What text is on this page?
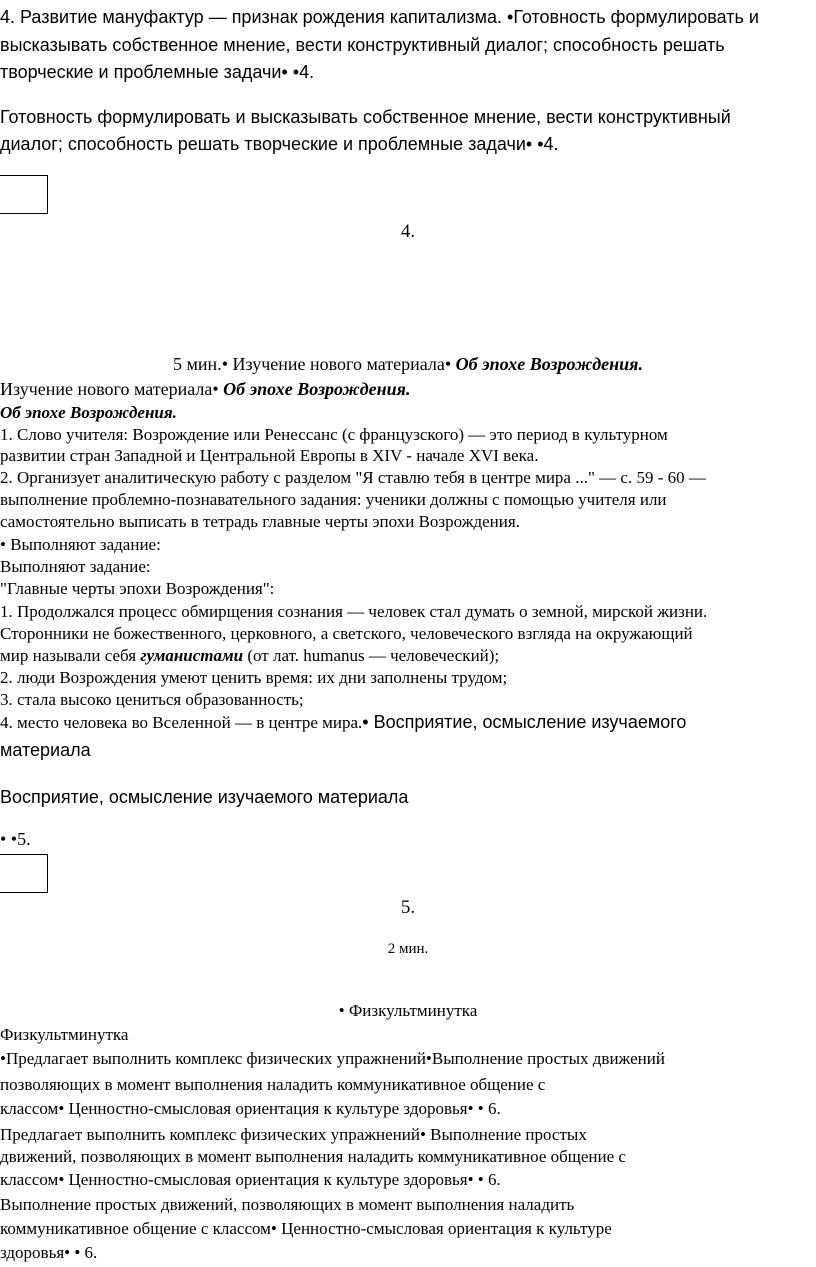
4. Развитие мануфактур — признак рождения капитализма. •Готовность формулировать и
высказывать собственное мнение, вести конструктивный диалог; способность решать
творческие и проблемные задачи• •4.
Готовность формулировать и высказывать собственное мнение, вести конструктивный
диалог; способность решать творческие и проблемные задачи• •4.
4.
5 мин.• Изучение нового материала• Об эпохе Возрождения.
Изучение нового материала• Об эпохе Возрождения.
Об эпохе Возрождения.
1. Слово учителя: Возрождение или Ренессанс (с французского) — это период в культурном
развитии стран Западной и Центральной Европы в XIV - начале XVI века.
2. Организует аналитическую работу с разделом "Я ставлю тебя в центре мира ..." — с. 59 - 60 —
выполнение проблемно-познавательного задания: ученики должны с помощью учителя или
самостоятельно выписать в тетрадь главные черты эпохи Возрождения.
• Выполняют задание:
Выполняют задание:
"Главные черты эпохи Возрождения":
1. Продолжался процесс обмирщения сознания — человек стал думать о земной, мирской жизни.
Сторонники не божественного, церковного, а светского, человеческого взгляда на окружающий
мир называли себя гуманистами (от лат. humanus — человеческий);
2. люди Возрождения умеют ценить время: их дни заполнены трудом;
3. стала высоко цениться образованность;
4. место человека во Вселенной — в центре мира.• Восприятие, осмысление изучаемого
материала
Восприятие, осмысление изучаемого материала
• •5.
5.
2 мин.
• Физкультминутка
Физкультминутка
•Предлагает выполнить комплекс физических упражнений•Выполнение простых движений
позволяющих в момент выполнения наладить коммуникативное общение с
классом• Ценностно-смысловая ориентация к культуре здоровья• • 6.
Предлагает выполнить комплекс физических упражнений• Выполнение простых
движений, позволяющих в момент выполнения наладить коммуникативное общение с
классом• Ценностно-смысловая ориентация к культуре здоровья• • 6.
Выполнение простых движений, позволяющих в момент выполнения наладить
коммуникативное общение с классом• Ценностно-смысловая ориентация к культуре
здоровья• • 6.
